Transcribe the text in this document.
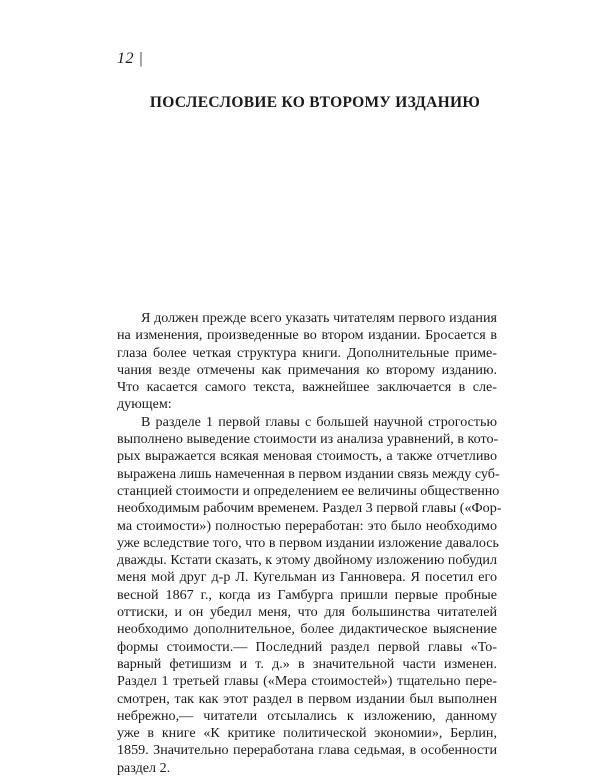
12 |
ПОСЛЕСЛОВИЕ КО ВТОРОМУ ИЗДАНИЮ
Я должен прежде всего указать читателям первого издания
на изменения, произведенные во втором издании. Бросается в
глаза более четкая структура книги. Дополнительные приме-
чания везде отмечены как примечания ко второму изданию.
Что касается самого текста, важнейшее заключается в сле-
дующем:
В разделе 1 первой главы с большей научной строгостью
выполнено выведение стоимости из анализа уравнений, в кото-
рых выражается всякая меновая стоимость, а также отчетливо
выражена лишь намеченная в первом издании связь между суб-
станцией стоимости и определением ее величины общественно
необходимым рабочим временем. Раздел 3 первой главы («Фор-
ма стоимости») полностью переработан: это было необходимо
уже вследствие того, что в первом издании изложение давалось
дважды. Кстати сказать, к этому двойному изложению побудил
меня мой друг д-р Л. Кугельман из Ганновера. Я посетил его
весной 1867 г., когда из Гамбурга пришли первые пробные
оттиски, и он убедил меня, что для большинства читателей
необходимо дополнительное, более дидактическое выяснение
формы стоимости.— Последний раздел первой главы «То-
варный фетишизм и т. д.» в значительной части изменен.
Раздел 1 третьей главы («Мера стоимостей») тщательно пере-
смотрен, так как этот раздел в первом издании был выполнен
небрежно,— читатели отсылались к изложению, данному
уже в книге «К критике политической экономии», Берлин,
1859. Значительно переработана глава седьмая, в особенности
раздел 2.
